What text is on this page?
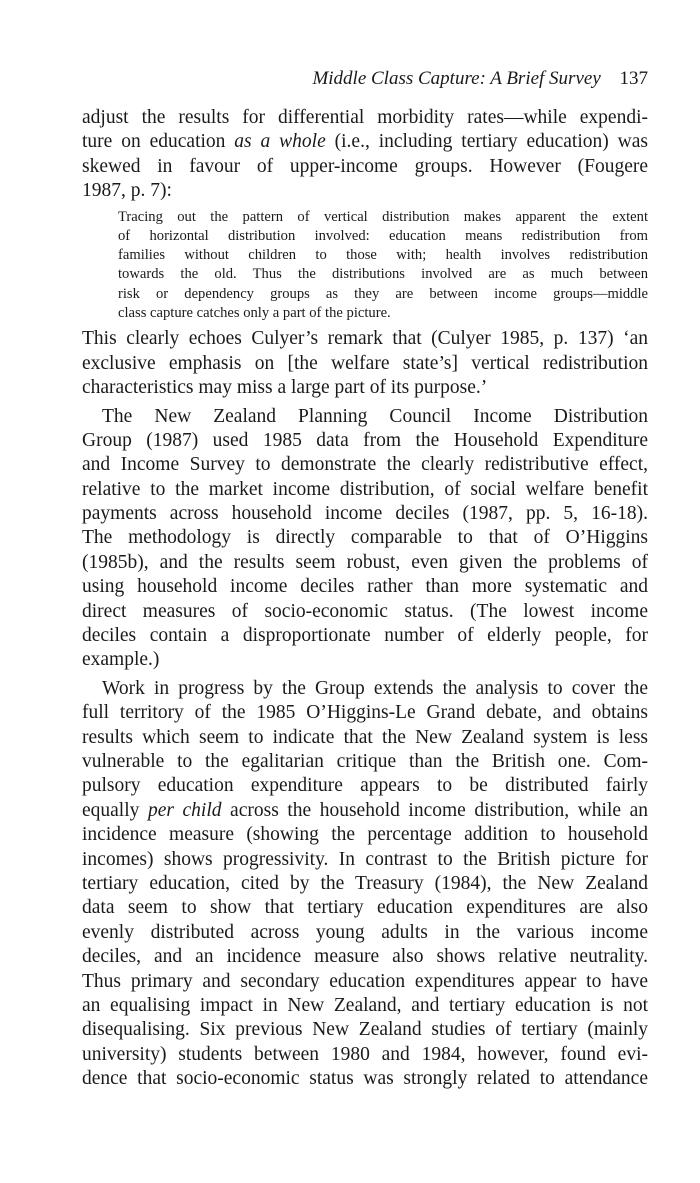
Middle Class Capture: A Brief Survey 137
adjust the results for differential morbidity rates—while expendi-
ture on education as a whole (i.e., including tertiary education) was
skewed in favour of upper-income groups. However (Fougere
1987, p. 7):
Tracing out the pattern of vertical distribution makes apparent the extent
of horizontal distribution involved: education means redistribution from
families without children to those with; health involves redistribution
towards the old. Thus the distributions involved are as much between
risk or dependency groups as they are between income groups—middle
class capture catches only a part of the picture.
This clearly echoes Culyer’s remark that (Culyer 1985, p. 137) ‘an
exclusive emphasis on [the welfare state’s] vertical redistribution
characteristics may miss a large part of its purpose.’
The New Zealand Planning Council Income Distribution
Group (1987) used 1985 data from the Household Expenditure
and Income Survey to demonstrate the clearly redistributive effect,
relative to the market income distribution, of social welfare benefit
payments across household income deciles (1987, pp. 5, 16-18).
The methodology is directly comparable to that of O’Higgins
(1985b), and the results seem robust, even given the problems of
using household income deciles rather than more systematic and
direct measures of socio-economic status. (The lowest income
deciles contain a disproportionate number of elderly people, for
example.)
Work in progress by the Group extends the analysis to cover the
full territory of the 1985 O’Higgins-Le Grand debate, and obtains
results which seem to indicate that the New Zealand system is less
vulnerable to the egalitarian critique than the British one. Com-
pulsory education expenditure appears to be distributed fairly
equally per child across the household income distribution, while an
incidence measure (showing the percentage addition to household
incomes) shows progressivity. In contrast to the British picture for
tertiary education, cited by the Treasury (1984), the New Zealand
data seem to show that tertiary education expenditures are also
evenly distributed across young adults in the various income
deciles, and an incidence measure also shows relative neutrality.
Thus primary and secondary education expenditures appear to have
an equalising impact in New Zealand, and tertiary education is not
disequalising. Six previous New Zealand studies of tertiary (mainly
university) students between 1980 and 1984, however, found evi-
dence that socio-economic status was strongly related to attendance
